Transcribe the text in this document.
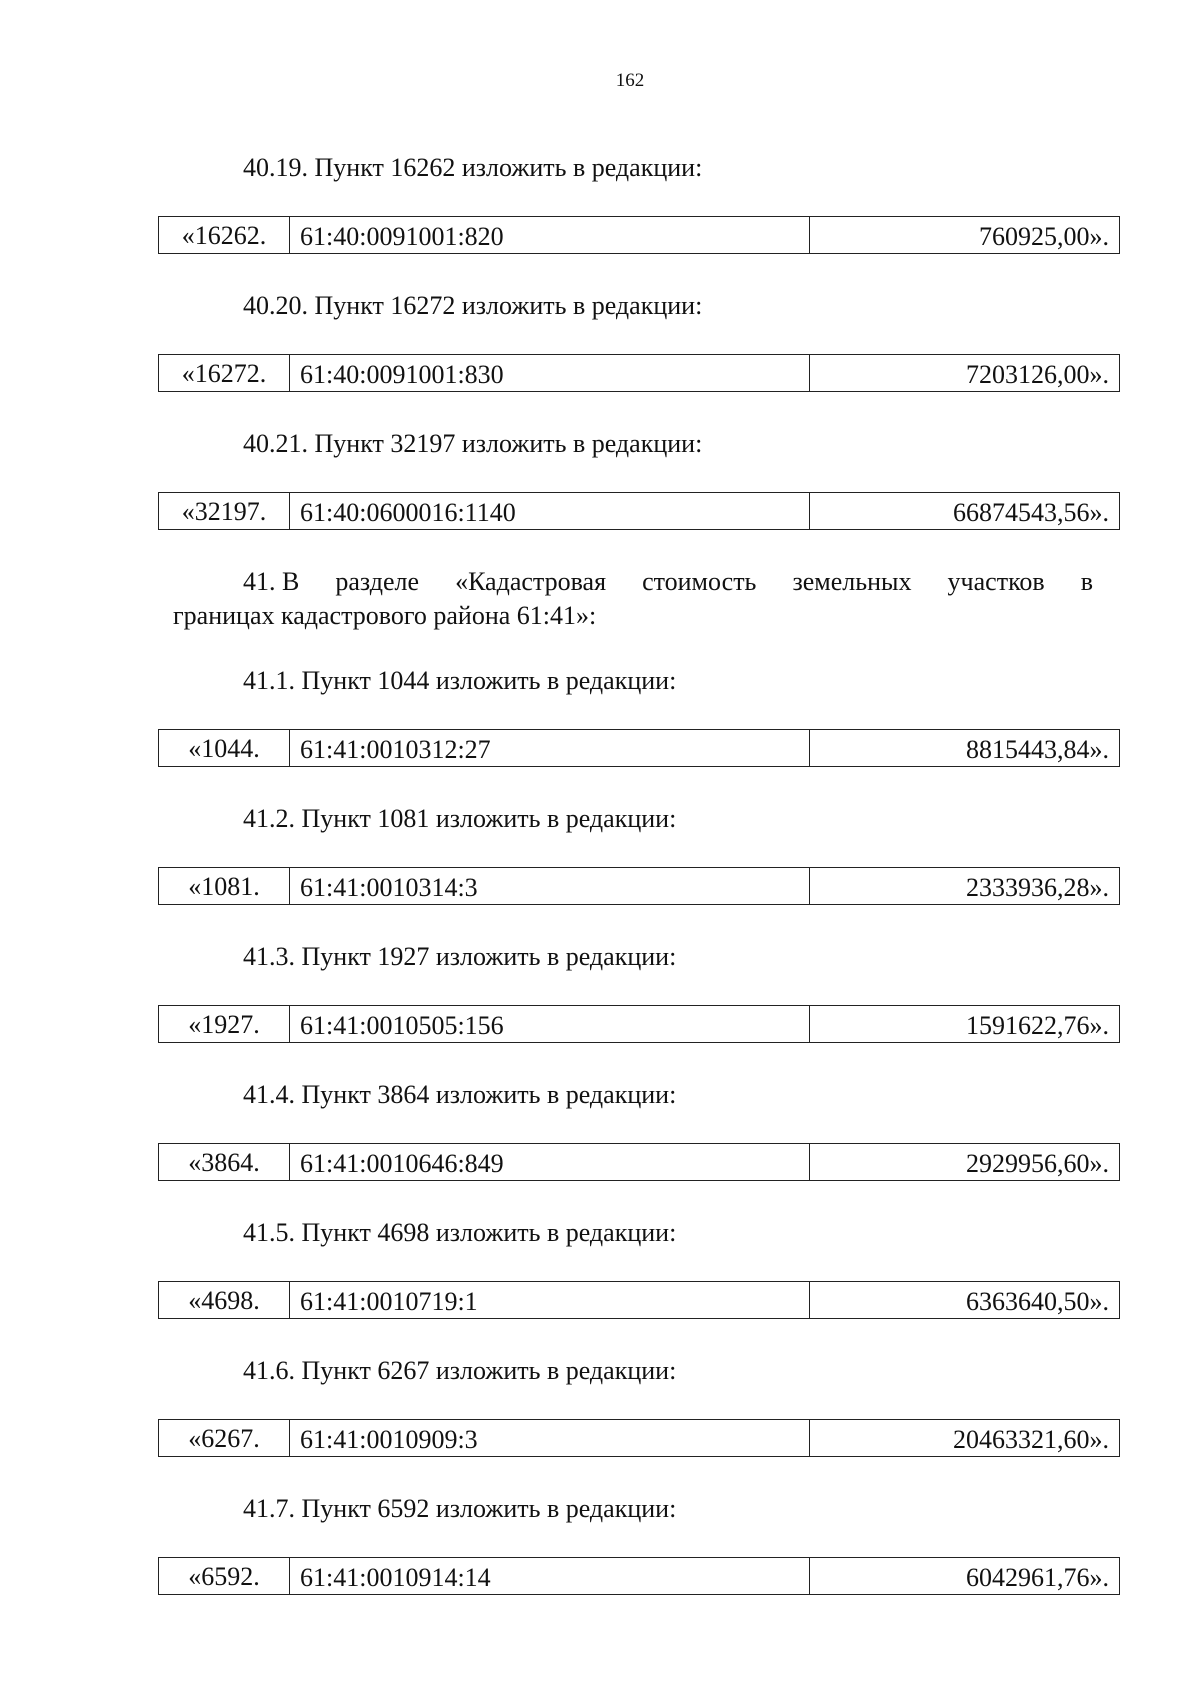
162
40.19. Пункт 16262 изложить в редакции:
«16262.	61:40:0091001:820	760925,00».
40.20. Пункт 16272 изложить в редакции:
«16272.	61:40:0091001:830	7203126,00».
40.21. Пункт 32197 изложить в редакции:
«32197.	61:40:0600016:1140	66874543,56».
41. В разделе «Кадастровая стоимость земельных участков в
границах кадастрового района 61:41»:
41.1. Пункт 1044 изложить в редакции:
«1044.	61:41:0010312:27	8815443,84».
41.2. Пункт 1081 изложить в редакции:
«1081.	61:41:0010314:3	2333936,28».
41.3. Пункт 1927 изложить в редакции:
«1927.	61:41:0010505:156	1591622,76».
41.4. Пункт 3864 изложить в редакции:
«3864.	61:41:0010646:849	2929956,60».
41.5. Пункт 4698 изложить в редакции:
«4698.	61:41:0010719:1	6363640,50».
41.6. Пункт 6267 изложить в редакции:
«6267.	61:41:0010909:3	20463321,60».
41.7. Пункт 6592 изложить в редакции:
«6592.	61:41:0010914:14	6042961,76».
